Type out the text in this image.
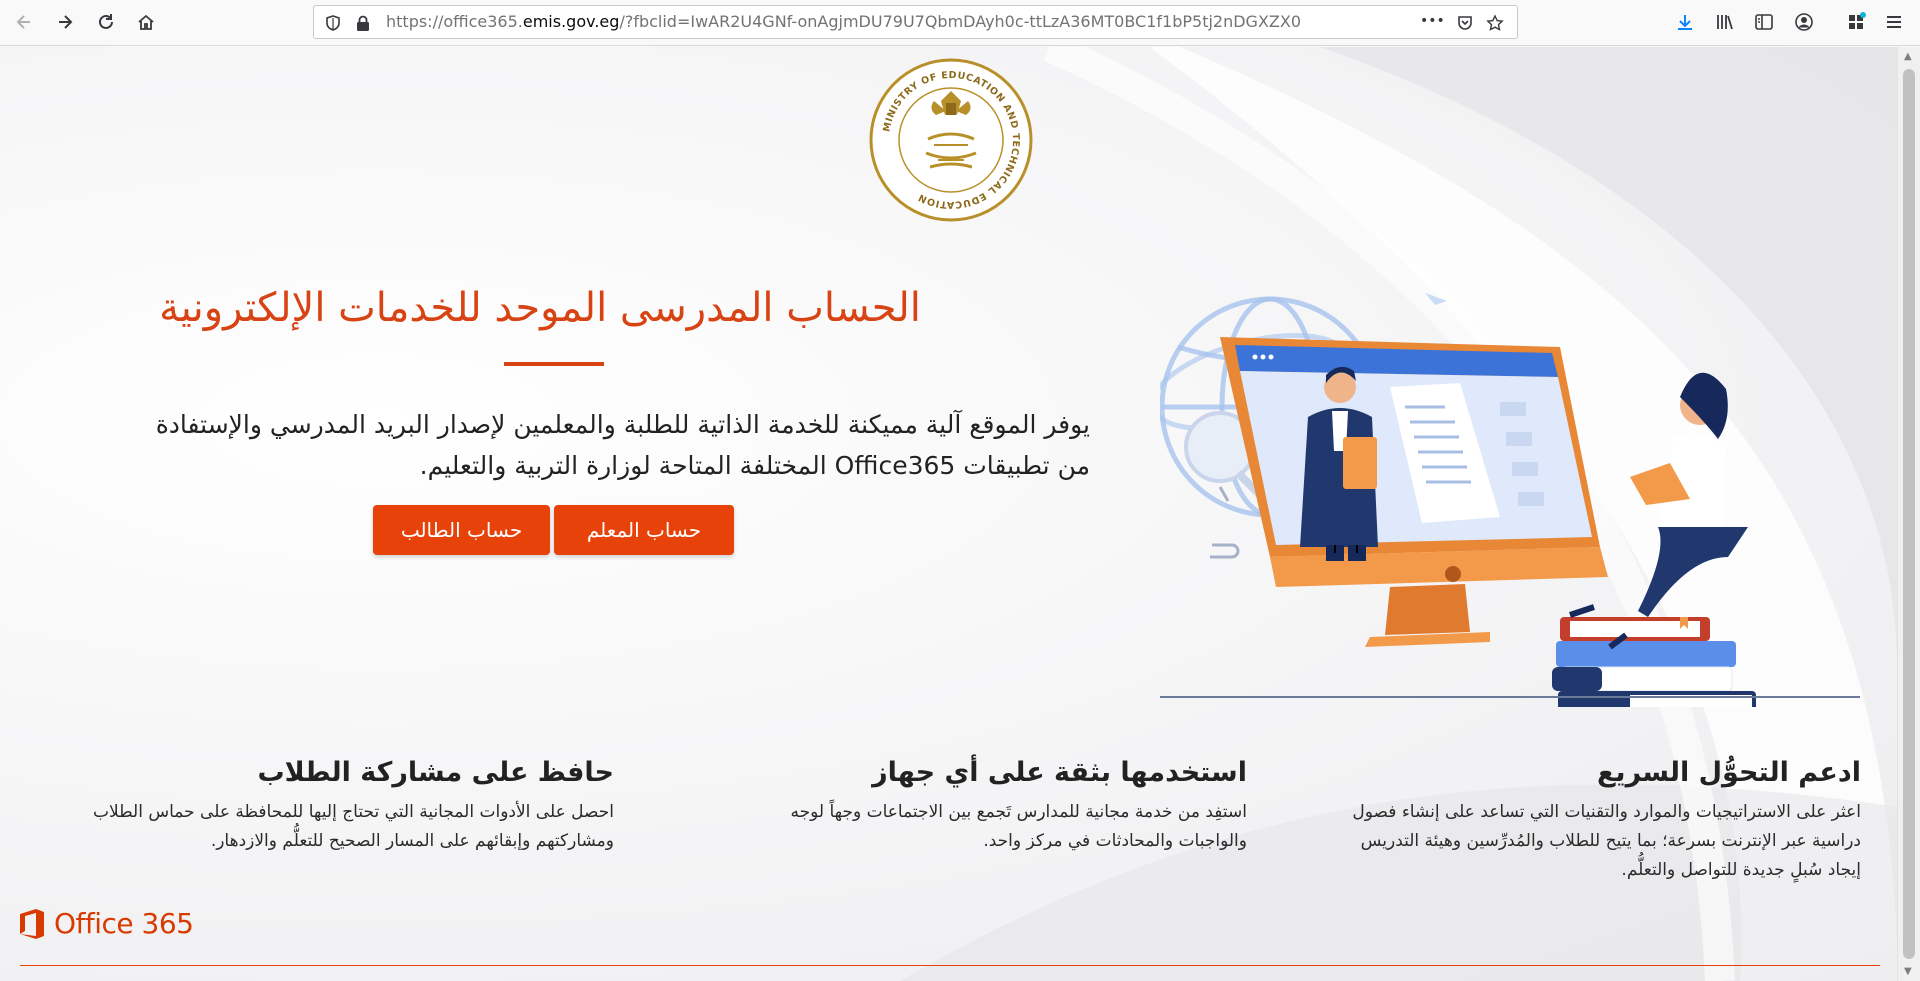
https://office365.emis.gov.eg/?fbclid=IwAR2U4GNf-onAgjmDU79U7QbmDAyh0c-ttLzA36MT0BC1f1bP5tj2nDGXZX0	•••
MINISTRY OF EDUCATION AND TECHNICAL EDUCATION
الحساب المدرسى الموحد للخدمات الإلكترونية
يوفر الموقع آلية مميكنة للخدمة الذاتية للطلبة والمعلمين لإصدار البريد المدرسي والإستفادة
من تطبيقات Office365 المختلفة المتاحة لوزارة التربية والتعليم.
حساب المعلم
حساب الطالب
ادعم التحوُّل السريع

اعثر على الاستراتيجيات والموارد والتقنيات التي تساعد على إنشاء فصول

دراسية عبر الإنترنت بسرعة؛ بما يتيح للطلاب والمُدرِّسين وهيئة التدريس

إيجاد سُبلٍ جديدة للتواصل والتعلُّم.

استخدمها بثقة على أي جهاز

استفِد من خدمة مجانية للمدارس تَجمع بين الاجتماعات وجهاً لوجه

والواجبات والمحادثات في مركز واحد.

حافظ على مشاركة الطلاب

احصل على الأدوات المجانية التي تحتاج إليها للمحافظة على حماس الطلاب

ومشاركتهم وإبقائهم على المسار الصحيح للتعلُّم والازدهار.

Office 365
▲
▼
